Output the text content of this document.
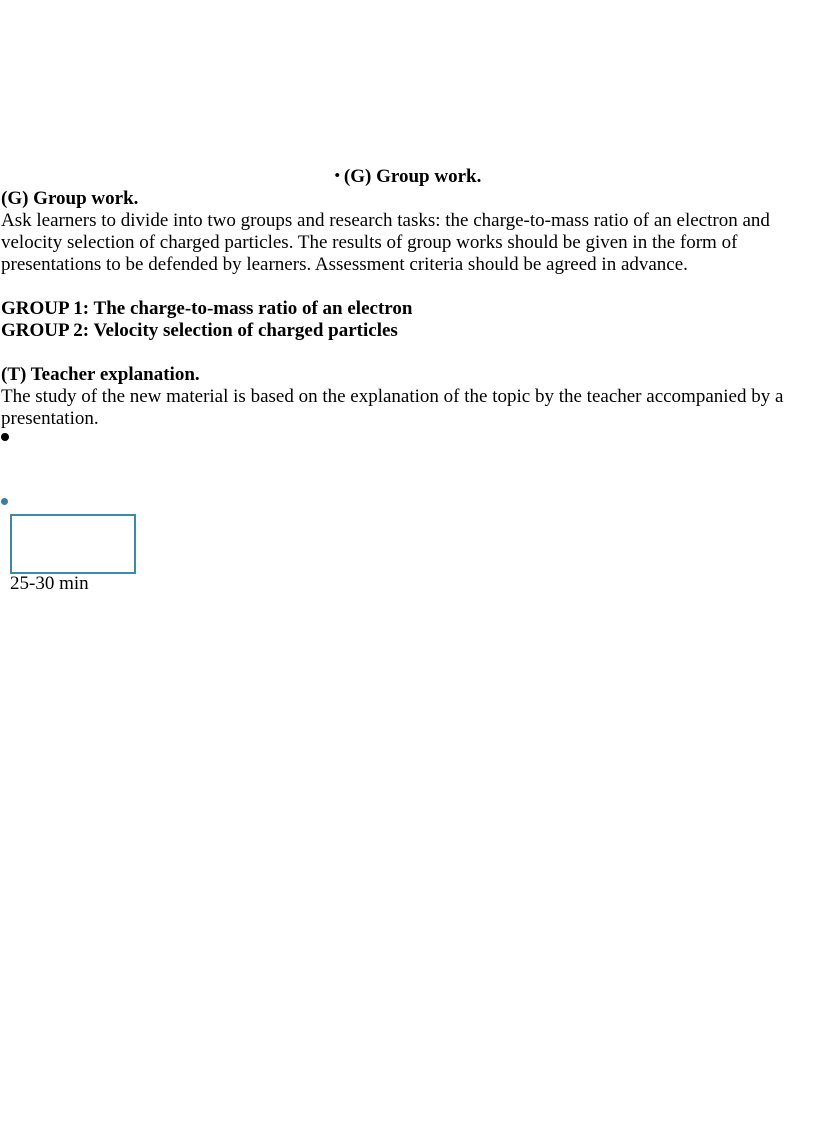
• (G) Group work.

(G) Group work.

Ask learners to divide into two groups and research tasks: the charge-to-mass ratio of an electron and velocity selection of charged particles. The results of group works should be given in the form of presentations to be defended by learners. Assessment criteria should be agreed in advance.

GROUP 1: The charge-to-mass ratio of an electron

GROUP 2: Velocity selection of charged particles

(T) Teacher explanation.

The study of the new material is based on the explanation of the topic by the teacher accompanied by a presentation.

25-30 min
